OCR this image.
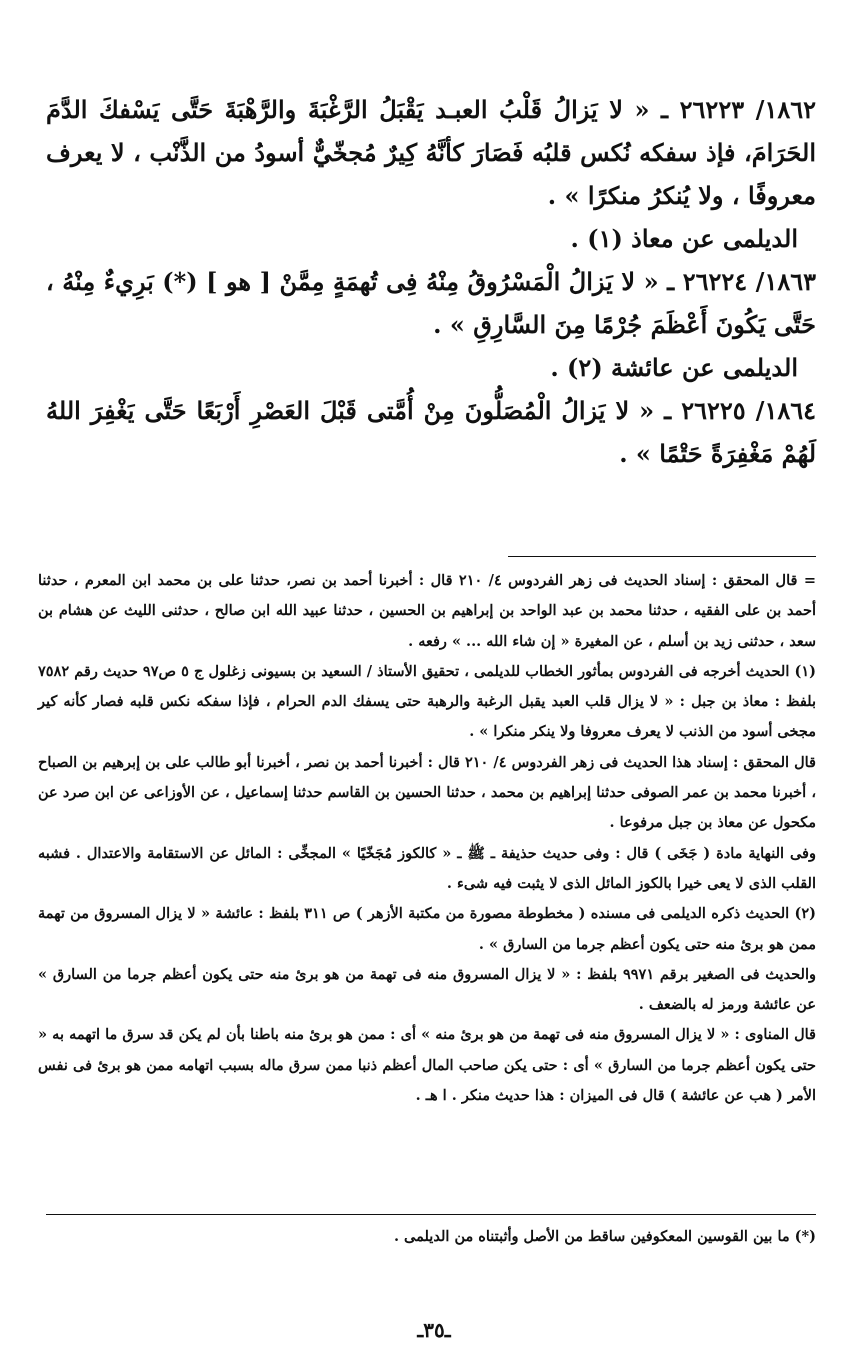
١٨٦٢/ ٢٦٢٢٣ ـ « لا يَزالُ قَلْبُ العبـد يَقْبَلُ الرَّغْبَةَ والرَّهْبَةَ حَتَّى يَسْفكَ الدَّمَ الحَرَامَ، فإذ سفكه نُكس قلبُه فَصَارَ كأنَّهُ كِيرٌ مُجخّيٌّ أسودُ من الذَّنْب ، لا يعرف معروفًا ، ولا يُنكرُ منكرًا » .

الديلمى عن معاذ (١) .

١٨٦٣/ ٢٦٢٢٤ ـ « لا يَزالُ الْمَسْرُوقُ مِنْهُ فِى تُهمَةٍ مِمَّنْ [ هو ] (*) بَرِيءٌ مِنْهُ ، حَتَّى يَكُونَ أَعْظَمَ جُرْمًا مِنَ السَّارِقِ » .

الديلمى عن عائشة (٢) .

١٨٦٤/ ٢٦٢٢٥ ـ « لا يَزالُ الْمُصَلُّونَ مِنْ أُمَّتى قَبْلَ العَصْرِ أَرْبَعًا حَتَّى يَغْفِرَ اللهُ لَهُمْ مَغْفِرَةً حَتْمًا » .

= قال المحقق : إسناد الحديث فى زهر الفردوس ٤/ ٢١٠ قال : أخبرنا أحمد بن نصر، حدثنا على بن محمد ابن المعرم ، حدثنا أحمد بن على الفقيه ، حدثنا محمد بن عبد الواحد بن إبراهيم بن الحسين ، حدثنا عبيد الله ابن صالح ، حدثنى الليث عن هشام بن سعد ، حدثنى زيد بن أسلم ، عن المغيرة « إن شاء الله ... » رفعه .

(١) الحديث أخرجه فى الفردوس بمأثور الخطاب للديلمى ، تحقيق الأستاذ / السعيد بن بسيونى زغلول ج ٥ ص٩٧ حديث رقم ٧٥٨٢ بلفظ : معاذ بن جبل : « لا يزال قلب العبد يقبل الرغبة والرهبة حتى يسفك الدم الحرام ، فإذا سفكه نكس قلبه فصار كأنه كير مجخى أسود من الذنب لا يعرف معروفا ولا ينكر منكرا » .

قال المحقق : إسناد هذا الحديث فى زهر الفردوس ٤/ ٢١٠ قال : أخبرنا أحمد بن نصر ، أخبرنا أبو طالب على بن إبرهيم بن الصباح ، أخبرنا محمد بن عمر الصوفى حدثنا إبراهيم بن محمد ، حدثنا الحسين بن القاسم حدثنا إسماعيل ، عن الأوزاعى عن ابن صرد عن مكحول عن معاذ بن جبل مرفوعا .

وفى النهاية مادة ( جَخَى ) قال : وفى حديث حذيفة ـ ﷺ ـ « كالكوز مُجَخّيًا » المجخِّى : المائل عن الاستقامة والاعتدال . فشبه القلب الذى لا يعى خيرا بالكوز المائل الذى لا يثبت فيه شىء .

(٢) الحديث ذكره الديلمى فى مسنده ( مخطوطة مصورة من مكتبة الأزهر ) ص ٣١١ بلفظ : عائشة « لا يزال المسروق من تهمة ممن هو برئ منه حتى يكون أعظم جرما من السارق » .

والحديث فى الصغير برقم ٩٩٧١ بلفظ : « لا يزال المسروق منه فى تهمة من هو برئ منه حتى يكون أعظم جرما من السارق » عن عائشة ورمز له بالضعف .

قال المناوى : « لا يزال المسروق منه فى تهمة من هو برئ منه » أى : ممن هو برئ منه باطنا بأن لم يكن قد سرق ما اتهمه به « حتى يكون أعظم جرما من السارق » أى : حتى يكن صاحب المال أعظم ذنبا ممن سرق ماله بسبب اتهامه ممن هو برئ فى نفس الأمر ( هب عن عائشة ) قال فى الميزان : هذا حديث منكر . ا هـ .

(*) ما بين القوسين المعكوفين ساقط من الأصل وأثبتناه من الديلمى .
ـ٣٥ـ
